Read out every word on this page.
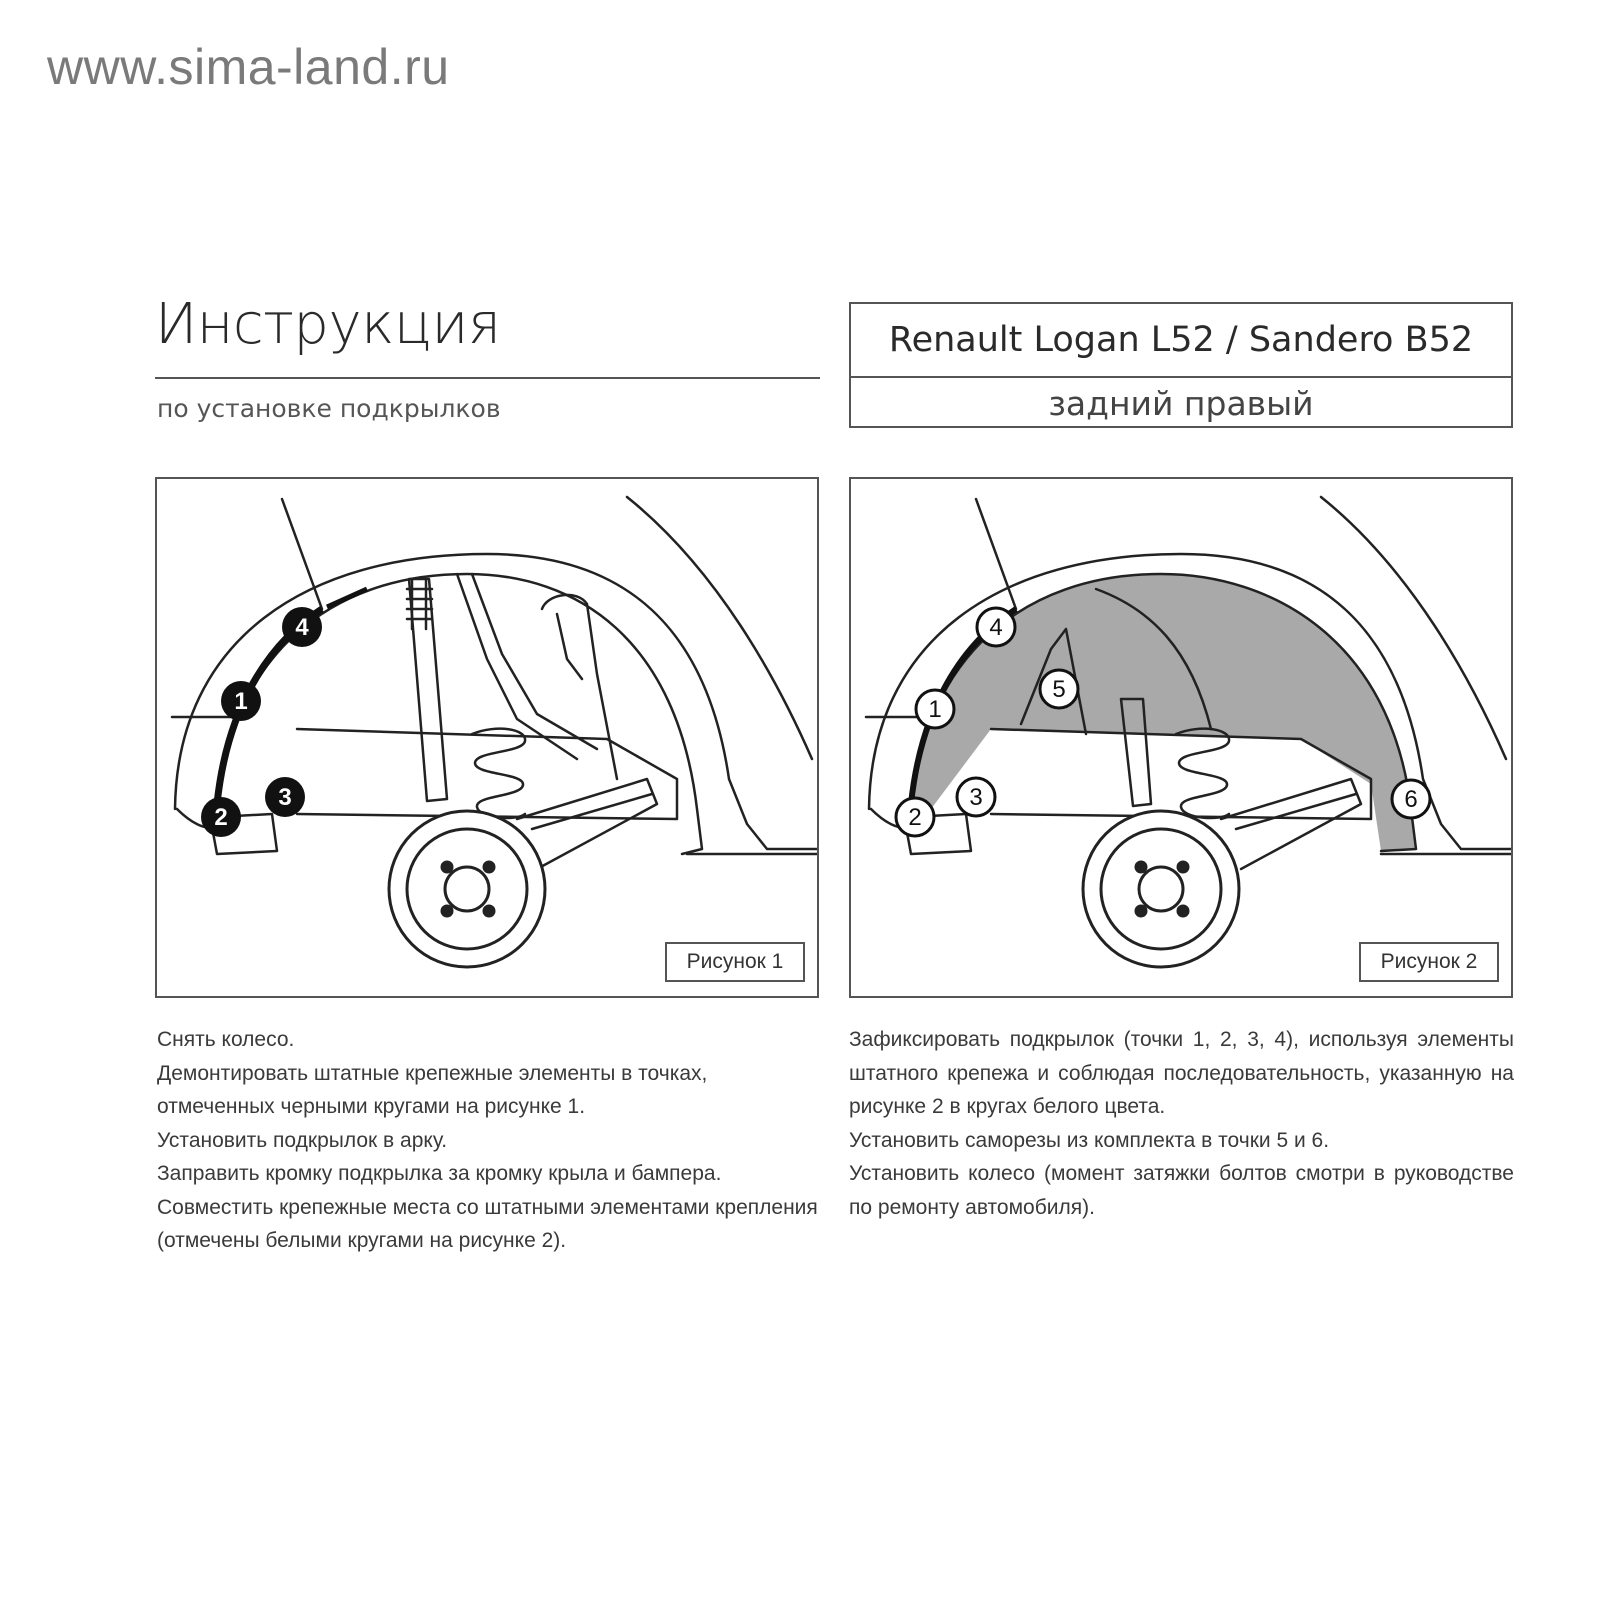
www.sima-land.ru
Инструкция
по установке подкрылков
Renault Logan L52 / Sandero B52
задний правый
4
1
2
3
Рисунок 1
4
1
2
3
5
6
Рисунок 2

Снять колесо.

Демонтировать штатные крепежные элементы в точках, отмеченных черными кругами на рисунке 1.

Установить подкрылок в арку.

Заправить кромку подкрылка за кромку крыла и бампера.

Совместить крепежные места со штатными элементами крепления (отмечены белыми кругами на рисунке 2).

Зафиксировать подкрылок (точки 1, 2, 3, 4), используя элементы штатного крепежа и соблюдая последовательность, указанную на рисунке 2 в кругах белого цвета.

Установить саморезы из комплекта в точки 5 и 6.

Установить колесо (момент затяжки болтов смотри в руководстве по ремонту автомобиля).
